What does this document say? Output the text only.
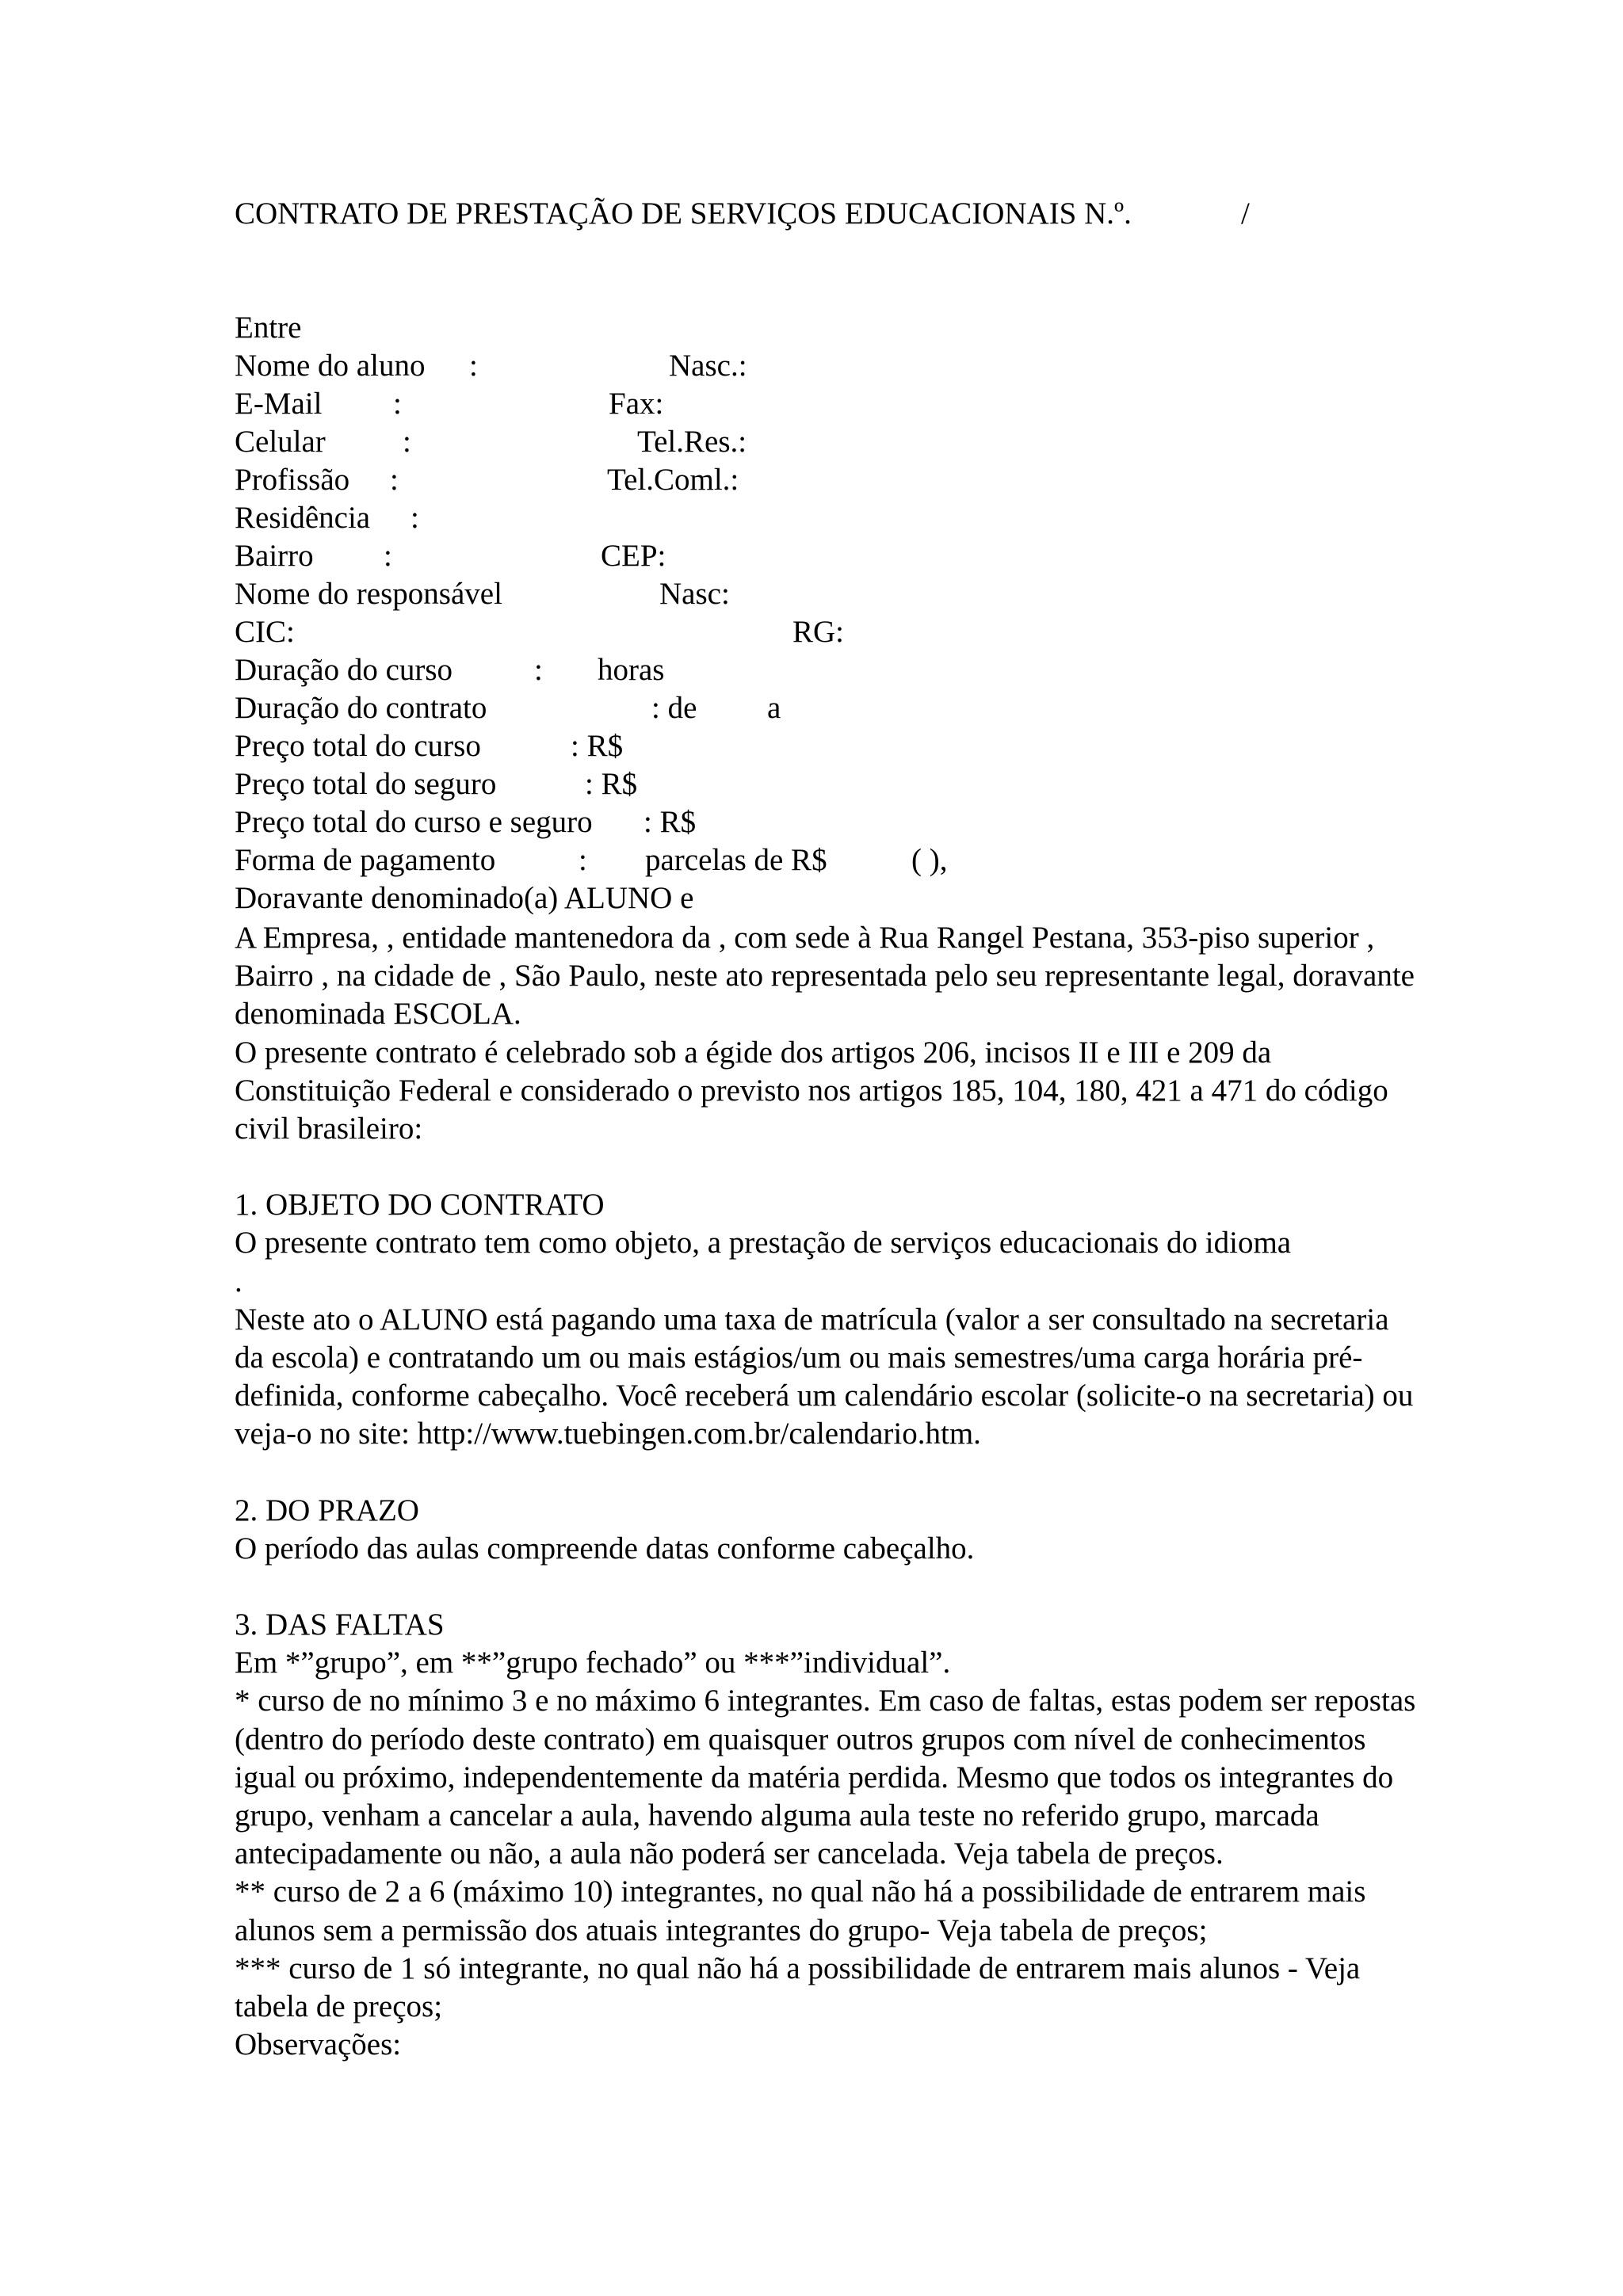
CONTRATO DE PRESTAÇÃO DE SERVIÇOS EDUCACIONAIS N.º.	/
Entre
Nome do aluno :	Nasc.:
E-Mail :	Fax:
Celular :	Tel.Res.:
Profissão :	Tel.Coml.:
Residência :
Bairro :	CEP:
Nome do responsável	Nasc:
CIC:	RG:
Duração do curso	: horas
Duração do contrato	: de a
Preço total do curso	: R$
Preço total do seguro	: R$
Preço total do curso e seguro : R$
Forma de pagamento	: parcelas de R$	( ),
Doravante denominado(a) ALUNO e

A Empresa, , entidade mantenedora da , com sede à Rua Rangel Pestana, 353-piso superior , Bairro , na cidade de , São Paulo, neste ato representada pelo seu representante legal, doravante denominada ESCOLA.

O presente contrato é celebrado sob a égide dos artigos 206, incisos II e III e 209 da Constituição Federal e considerado o previsto nos artigos 185, 104, 180, 421 a 471 do código civil brasileiro:

1. OBJETO DO CONTRATO

O presente contrato tem como objeto, a prestação de serviços educacionais do idioma

.

Neste ato o ALUNO está pagando uma taxa de matrícula (valor a ser consultado na secretaria da escola) e contratando um ou mais estágios/um ou mais semestres/uma carga horária pré-definida, conforme cabeçalho. Você receberá um calendário escolar (solicite-o na secretaria) ou veja-o no site: http://www.tuebingen.com.br/calendario.htm.

2. DO PRAZO

O período das aulas compreende datas conforme cabeçalho.

3. DAS FALTAS

Em *”grupo”, em **”grupo fechado” ou ***”individual”.

* curso de no mínimo 3 e no máximo 6 integrantes. Em caso de faltas, estas podem ser repostas (dentro do período deste contrato) em quaisquer outros grupos com nível de conhecimentos igual ou próximo, independentemente da matéria perdida. Mesmo que todos os integrantes do grupo, venham a cancelar a aula, havendo alguma aula teste no referido grupo, marcada antecipadamente ou não, a aula não poderá ser cancelada. Veja tabela de preços.

** curso de 2 a 6 (máximo 10) integrantes, no qual não há a possibilidade de entrarem mais alunos sem a permissão dos atuais integrantes do grupo- Veja tabela de preços;

*** curso de 1 só integrante, no qual não há a possibilidade de entrarem mais alunos - Veja tabela de preços;

Observações:
